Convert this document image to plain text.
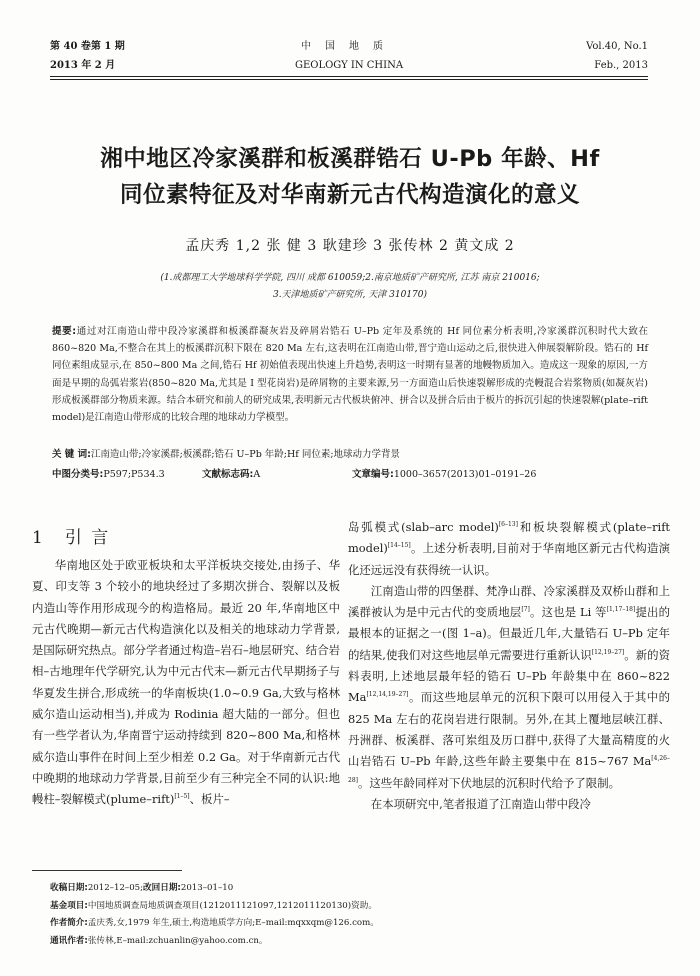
第 40 卷第 1 期	中国地质	Vol.40, No.1
2013 年 2 月	GEOLOGY IN CHINA	Feb., 2013
湘中地区冷家溪群和板溪群锆石 U-Pb 年龄、Hf
同位素特征及对华南新元古代构造演化的意义
孟庆秀 1,2 张 健 3 耿建珍 3 张传林 2 黄文成 2
(1.成都理工大学地球科学学院, 四川 成都 610059;2.南京地质矿产研究所, 江苏 南京 210016;
3.天津地质矿产研究所, 天津 310170)
提要:通过对江南造山带中段冷家溪群和板溪群凝灰岩及碎屑岩锆石 U–Pb 定年及系统的 Hf 同位素分析表明,冷家溪群沉积时代大致在 860~820 Ma,不整合在其上的板溪群沉积下限在 820 Ma 左右,这表明在江南造山带,晋宁造山运动之后,很快进入伸展裂解阶段。锆石的 Hf 同位素组成显示,在 850~800 Ma 之间,锆石 Hf 初始值表现出快速上升趋势,表明这一时期有显著的地幔物质加入。造成这一现象的原因,一方面是早期的岛弧岩浆岩(850~820 Ma,尤其是 I 型花岗岩)是碎屑物的主要来源,另一方面造山后快速裂解形成的壳幔混合岩浆物质(如凝灰岩)形成板溪群部分物质来源。结合本研究和前人的研究成果,表明新元古代板块俯冲、拼合以及拼合后由于板片的拆沉引起的快速裂解(plate–rift model)是江南造山带形成的比较合理的地球动力学模型。
关 键 词:江南造山带;冷家溪群;板溪群;锆石 U–Pb 年龄;Hf 同位素;地球动力学背景
中图分类号:P597;P534.3	文献标志码:A	文章编号:1000–3657(2013)01–0191–26
1 引 言

华南地区处于欧亚板块和太平洋板块交接处,由扬子、华夏、印支等 3 个较小的地块经过了多期次拼合、裂解以及板内造山等作用形成现今的构造格局。最近 20 年,华南地区中元古代晚期—新元古代构造演化以及相关的地球动力学背景,是国际研究热点。部分学者通过构造–岩石–地层研究、结合岩相–古地理年代学研究,认为中元古代末—新元古代早期扬子与华夏发生拼合,形成统一的华南板块(1.0~0.9 Ga,大致与格林威尔造山运动相当),并成为 Rodinia 超大陆的一部分。但也有一些学者认为,华南晋宁运动持续到 820~800 Ma,和格林威尔造山事件在时间上至少相差 0.2 Ga。对于华南新元古代中晚期的地球动力学背景,目前至少有三种完全不同的认识:地幔柱–裂解模式(plume–rift)[1–5]、板片–

岛弧模式(slab–arc model)[6–13]和板块裂解模式(plate–rift model)[14–15]。上述分析表明,目前对于华南地区新元古代构造演化还远远没有获得统一认识。

江南造山带的四堡群、梵净山群、冷家溪群及双桥山群和上溪群被认为是中元古代的变质地层[7]。这也是 Li 等[1,17–18]提出的最根本的证据之一(图 1–a)。但最近几年,大量锆石 U–Pb 定年的结果,使我们对这些地层单元需要进行重新认识[12,19–27]。新的资料表明,上述地层最年轻的锆石 U–Pb 年龄集中在 860~822 Ma[12,14,19–27]。而这些地层单元的沉积下限可以用侵入于其中的 825 Ma 左右的花岗岩进行限制。另外,在其上覆地层峡江群、丹洲群、板溪群、落可岽组及历口群中,获得了大量高精度的火山岩锆石 U–Pb 年龄,这些年龄主要集中在 815~767 Ma[4,26–28]。这些年龄同样对下伏地层的沉积时代给予了限制。

在本项研究中,笔者报道了江南造山带中段冷

收稿日期:2012–12–05;改回日期:2013–01–10
基金项目:中国地质调查局地质调查项目(1212011121097,1212011120130)资助。
作者简介:孟庆秀,女,1979 年生,硕士,构造地质学方向;E–mail:mqxxqm@126.com。
通讯作者:张传林,E–mail:zchuanlin@yahoo.com.cn。
